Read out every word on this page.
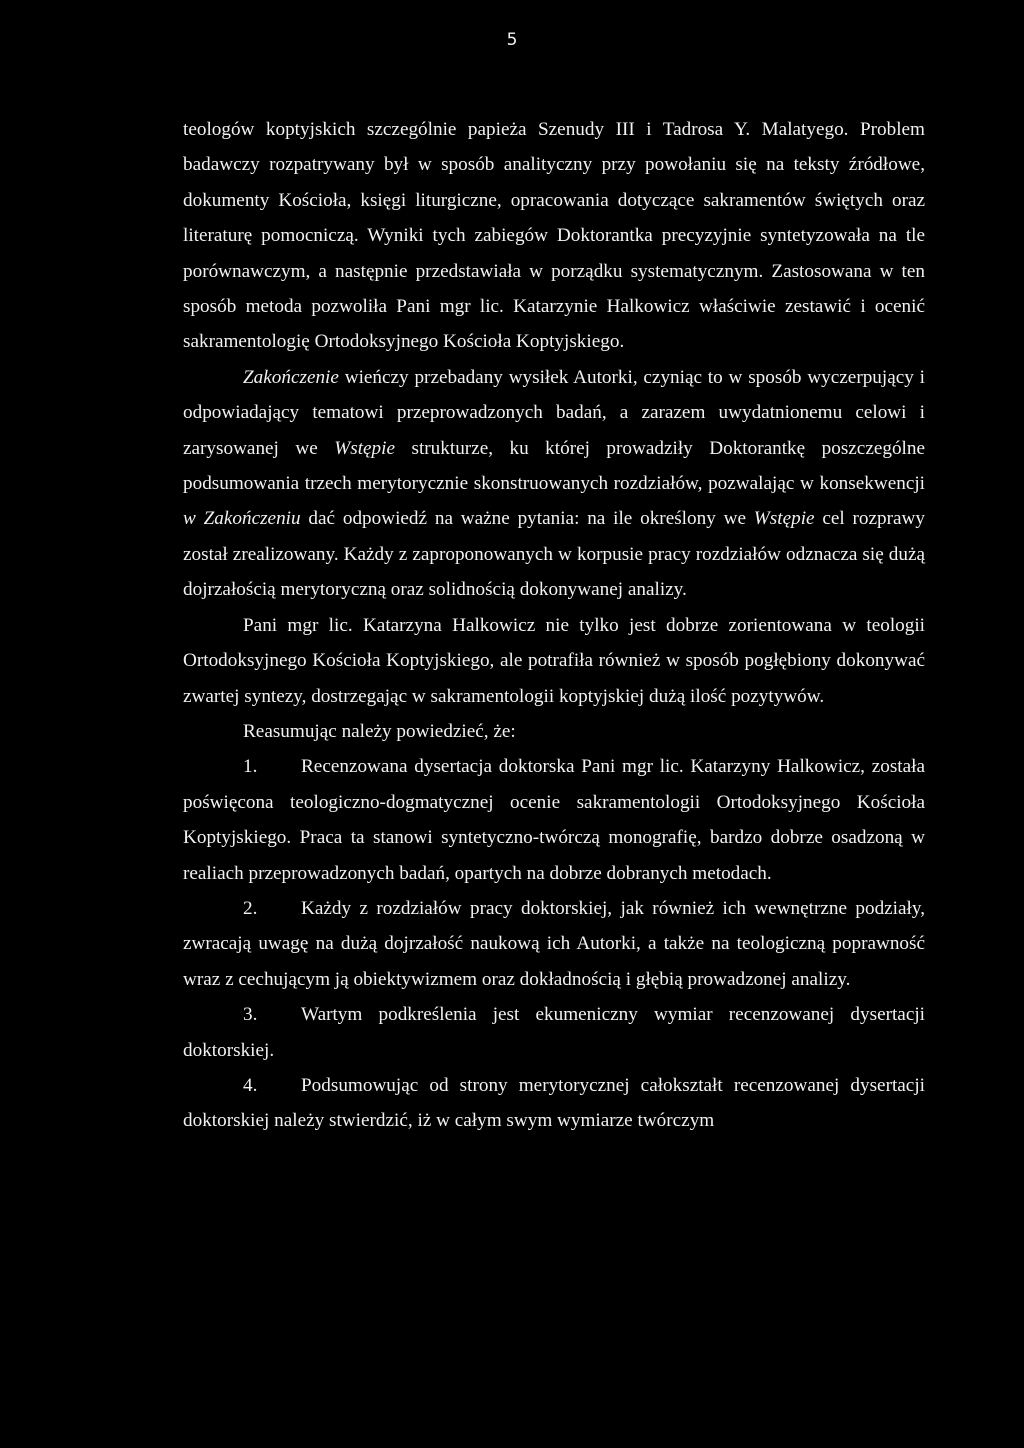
5

teologów koptyjskich szczególnie papieża Szenudy III i Tadrosa Y. Malatyego. Problem badawczy rozpatrywany był w sposób analityczny przy powołaniu się na teksty źródłowe, dokumenty Kościoła, księgi liturgiczne, opracowania dotyczące sakramentów świętych oraz literaturę pomocniczą. Wyniki tych zabiegów Doktorantka precyzyjnie syntetyzowała na tle porównawczym, a następnie przedstawiała w porządku systematycznym. Zastosowana w ten sposób metoda pozwoliła Pani mgr lic. Katarzynie Halkowicz właściwie zestawić i ocenić sakramentologię Ortodoksyjnego Kościoła Koptyjskiego.

Zakończenie wieńczy przebadany wysiłek Autorki, czyniąc to w sposób wyczerpujący i odpowiadający tematowi przeprowadzonych badań, a zarazem uwydatnionemu celowi i zarysowanej we Wstępie strukturze, ku której prowadziły Doktorantkę poszczególne podsumowania trzech merytorycznie skonstruowanych rozdziałów, pozwalając w konsekwencji w Zakończeniu dać odpowiedź na ważne pytania: na ile określony we Wstępie cel rozprawy został zrealizowany. Każdy z zaproponowanych w korpusie pracy rozdziałów odznacza się dużą dojrzałością merytoryczną oraz solidnością dokonywanej analizy.

Pani mgr lic. Katarzyna Halkowicz nie tylko jest dobrze zorientowana w teologii Ortodoksyjnego Kościoła Koptyjskiego, ale potrafiła również w sposób pogłębiony dokonywać zwartej syntezy, dostrzegając w sakramentologii koptyjskiej dużą ilość pozytywów.

Reasumując należy powiedzieć, że:

1. Recenzowana dysertacja doktorska Pani mgr lic. Katarzyny Halkowicz, została poświęcona teologiczno-dogmatycznej ocenie sakramentologii Ortodoksyjnego Kościoła Koptyjskiego. Praca ta stanowi syntetyczno-twórczą monografię, bardzo dobrze osadzoną w realiach przeprowadzonych badań, opartych na dobrze dobranych metodach.

2. Każdy z rozdziałów pracy doktorskiej, jak również ich wewnętrzne podziały, zwracają uwagę na dużą dojrzałość naukową ich Autorki, a także na teologiczną poprawność wraz z cechującym ją obiektywizmem oraz dokładnością i głębią prowadzonej analizy.

3. Wartym podkreślenia jest ekumeniczny wymiar recenzowanej dysertacji doktorskiej.

4. Podsumowując od strony merytorycznej całokształt recenzowanej dysertacji doktorskiej należy stwierdzić, iż w całym swym wymiarze twórczym
